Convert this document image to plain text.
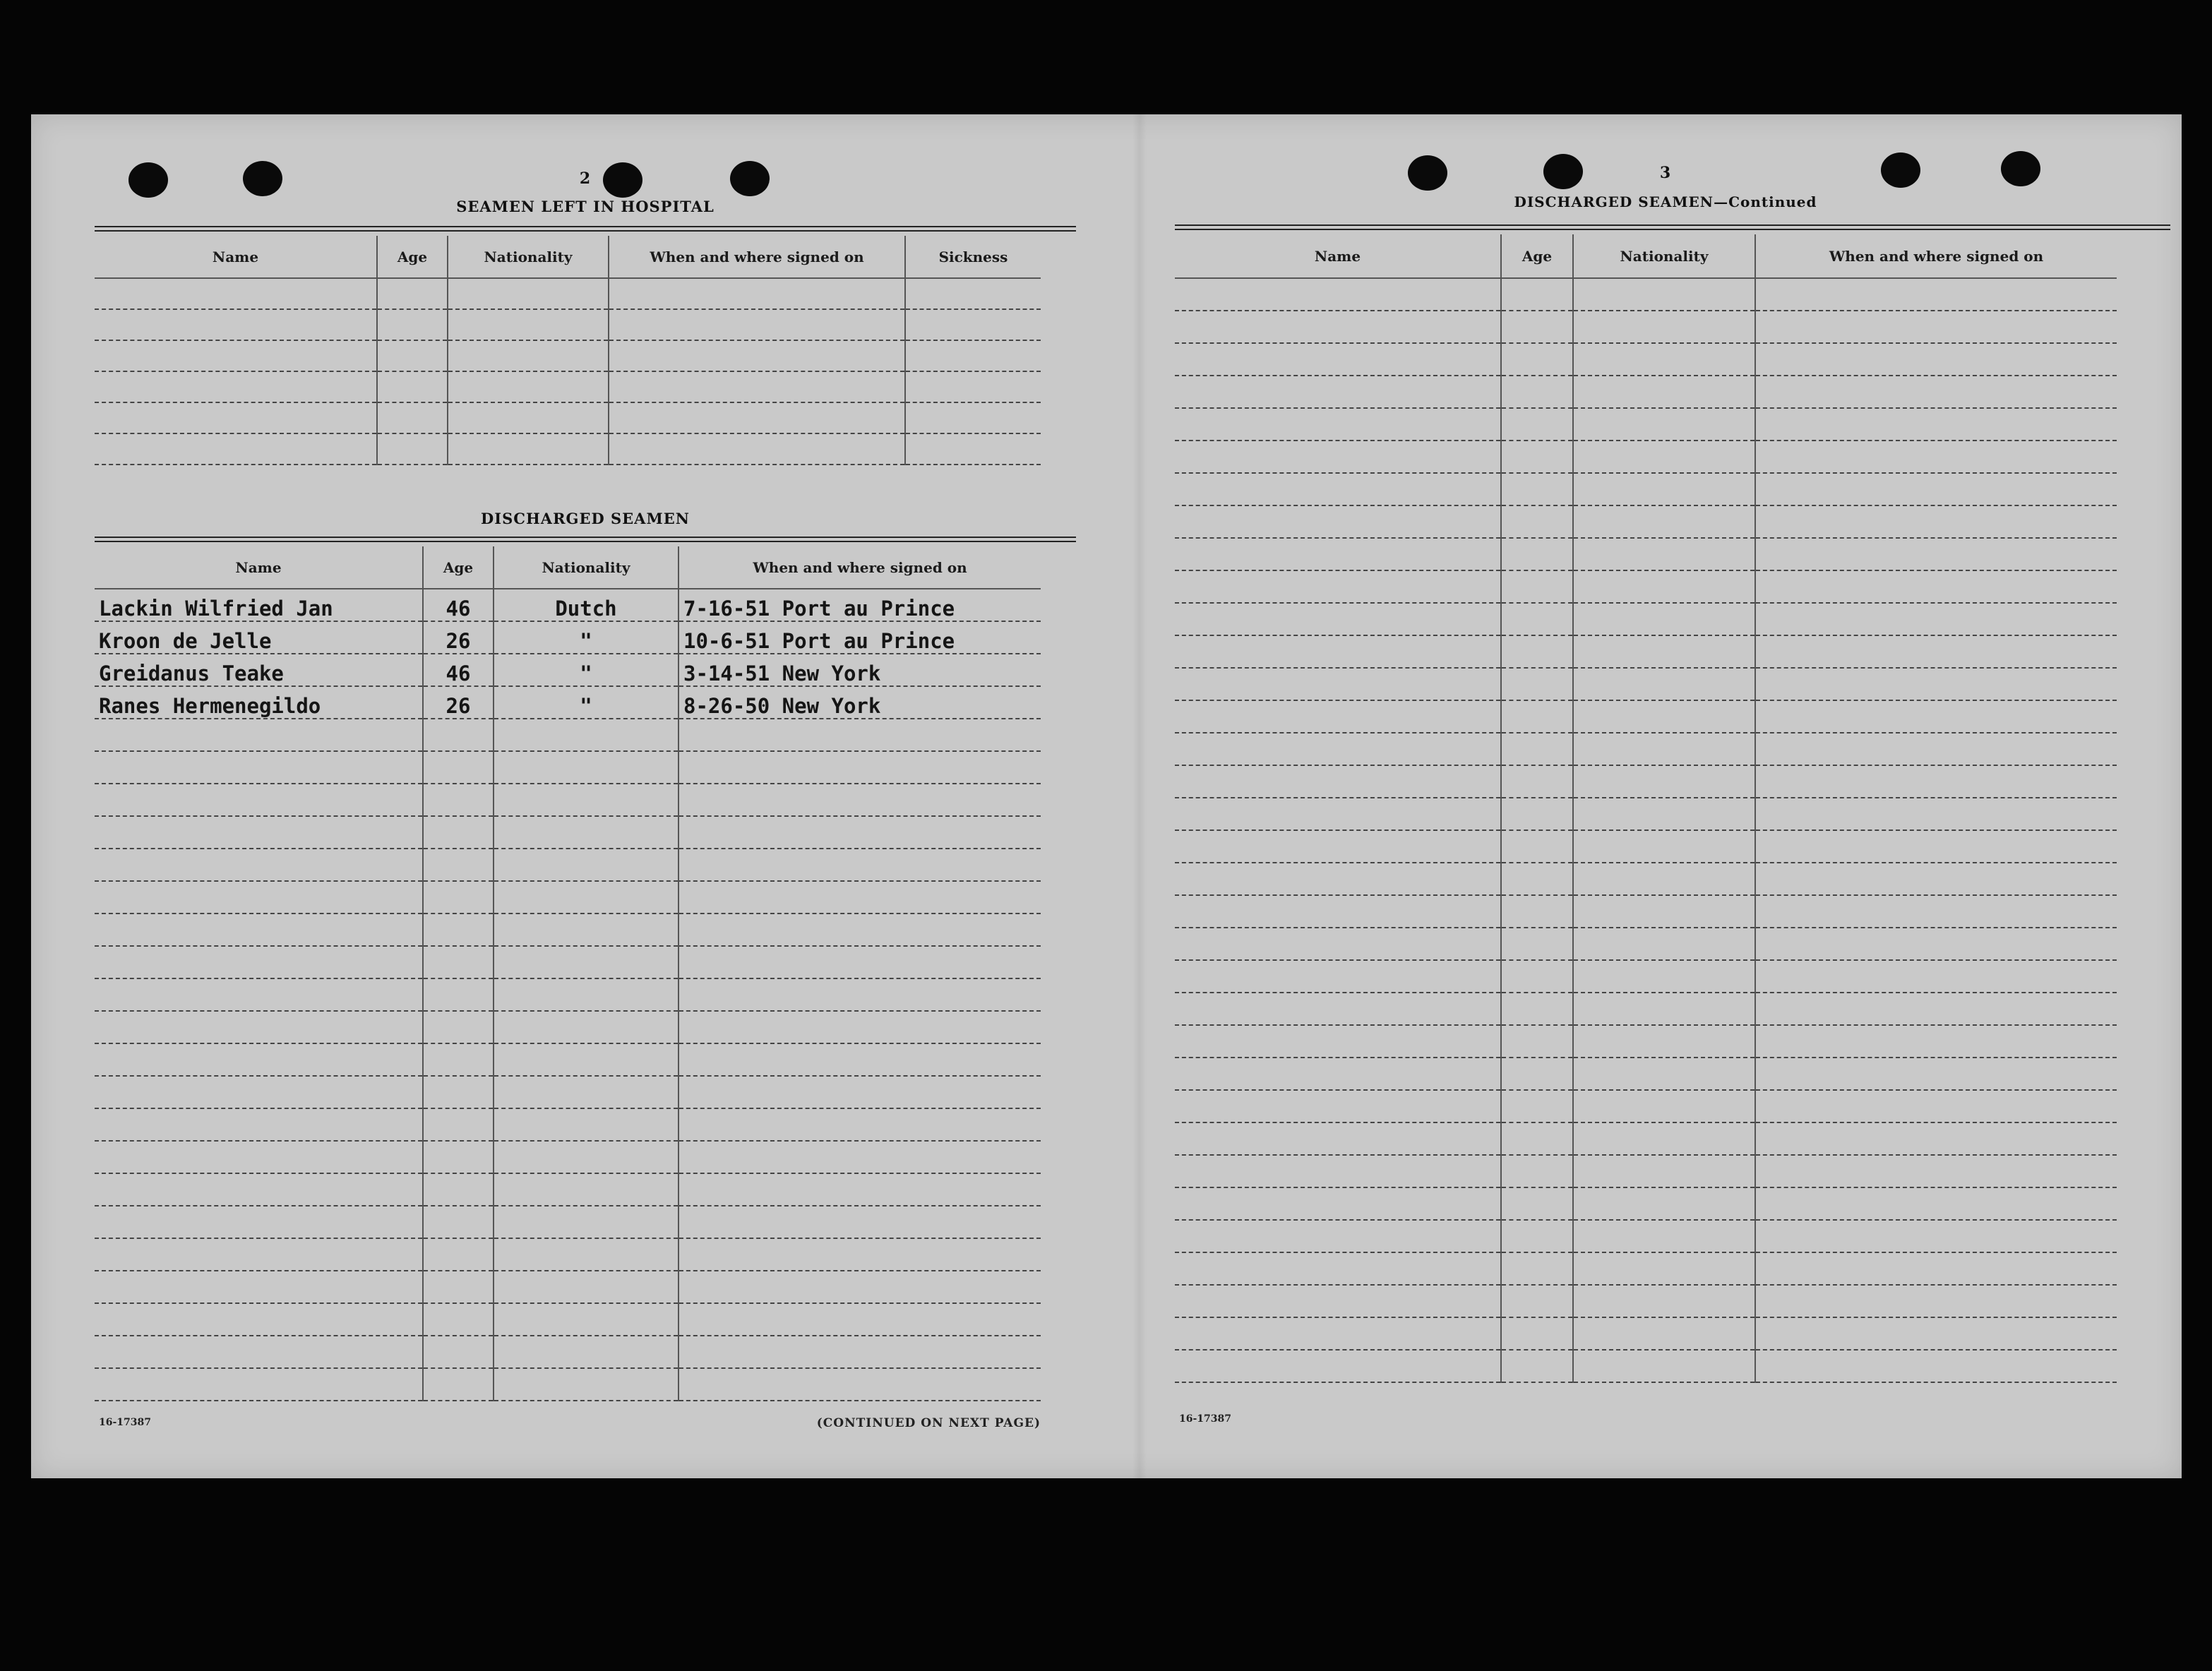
2
SEAMEN LEFT IN HOSPITAL
Name	Age	Nationality	When and where signed on	Sickness

DISCHARGED SEAMEN
Name	Age	Nationality	When and where signed on
Lackin Wilfried Jan	46	Dutch	7-16-51 Port au Prince
Kroon de Jelle	26	"	10-6-51 Port au Prince
Greidanus Teake	46	"	3-14-51 New York
Ranes Hermenegildo	26	"	8-26-50 New York

16-17387	(CONTINUED ON NEXT PAGE)
3
DISCHARGED SEAMEN—Continued
Name	Age	Nationality	When and where signed on

16-17387
